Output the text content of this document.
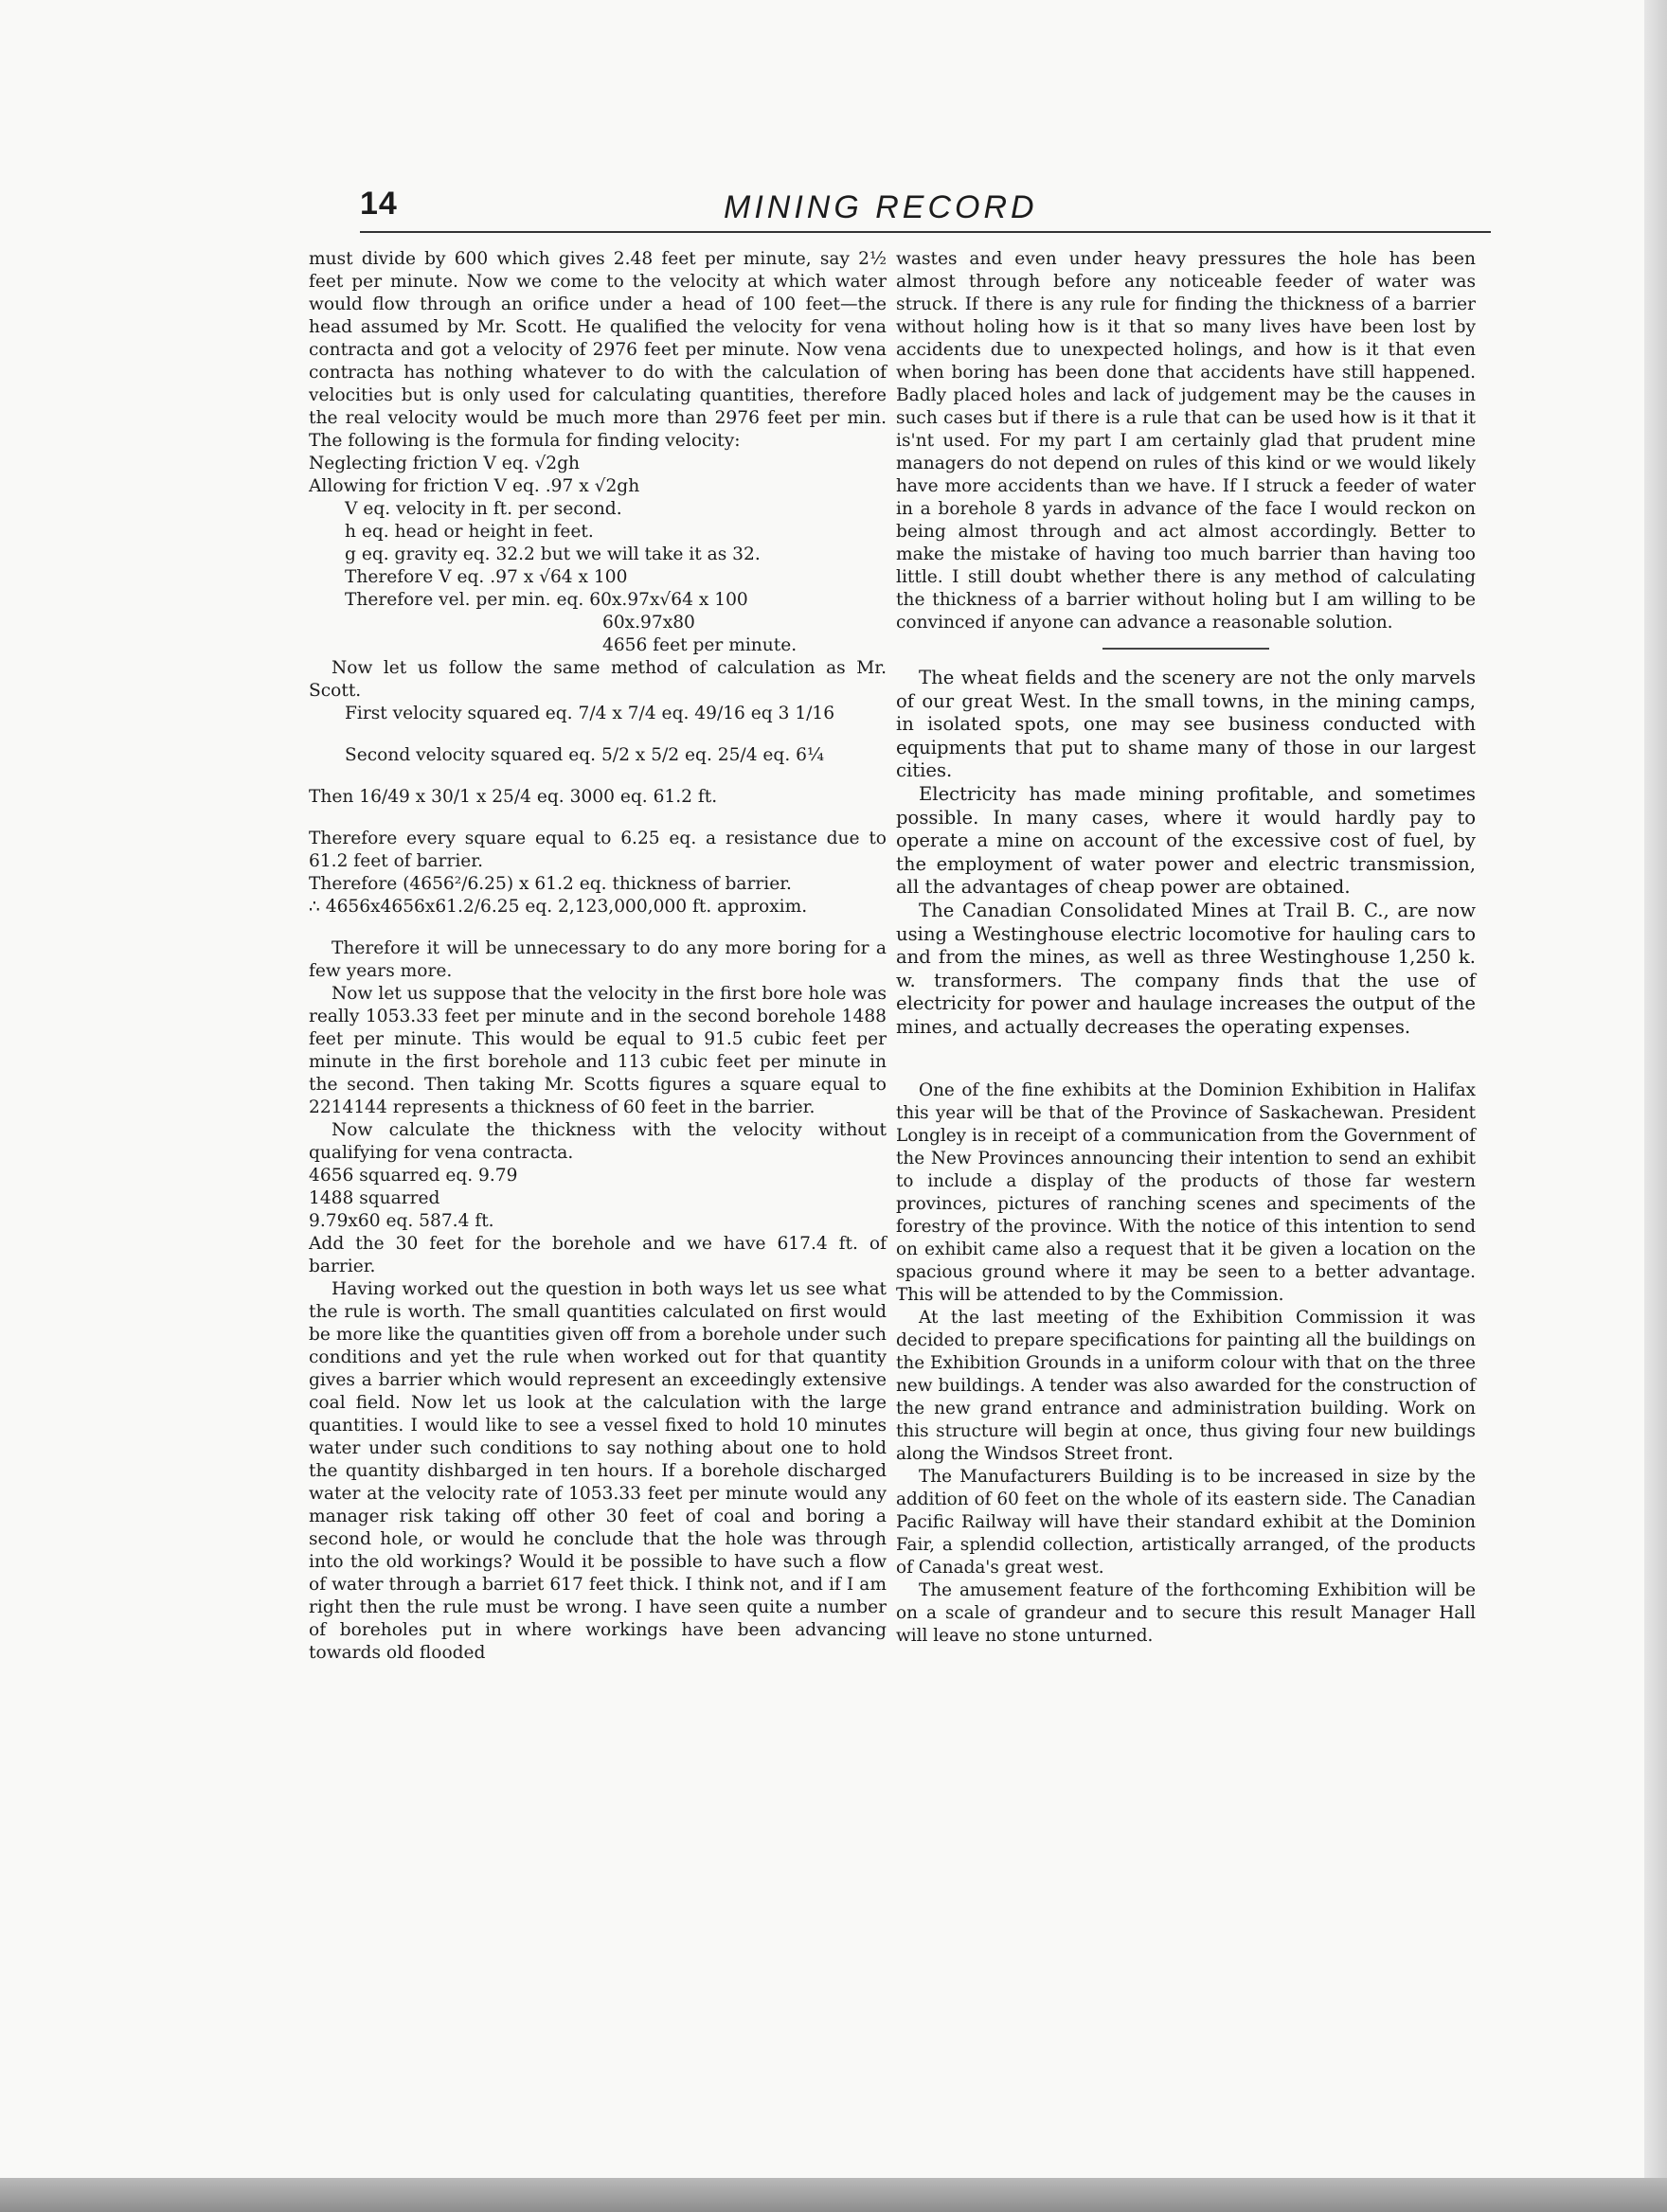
14	MINING RECORD

must divide by 600 which gives 2.48 feet per minute, say 2½ feet per minute. Now we come to the velocity at which water would flow through an orifice under a head of 100 feet—the head assumed by Mr. Scott. He qualified the velocity for vena contracta and got a velocity of 2976 feet per minute. Now vena contracta has nothing whatever to do with the calculation of velocities but is only used for calculating quantities, therefore the real velocity would be much more than 2976 feet per min. The following is the formula for finding velocity:

Neglecting friction V eq. √2gh

Allowing for friction V eq. .97 x √2gh

V eq. velocity in ft. per second.

h eq. head or height in feet.

g eq. gravity eq. 32.2 but we will take it as 32.

Therefore V eq. .97 x √64 x 100

Therefore vel. per min. eq. 60x.97x√64 x 100

60x.97x80

4656 feet per minute.

Now let us follow the same method of calculation as Mr. Scott.

First velocity squared eq. 7/4 x 7/4 eq. 49/16 eq 3 1/16

Second velocity squared eq. 5/2 x 5/2 eq. 25/4 eq. 6¼

Then 16/49 x 30/1 x 25/4 eq. 3000 eq. 61.2 ft.

Therefore every square equal to 6.25 eq. a resistance due to 61.2 feet of barrier.

Therefore (4656²/6.25) x 61.2 eq. thickness of barrier.

∴ 4656x4656x61.2/6.25 eq. 2,123,000,000 ft. approxim.

Therefore it will be unnecessary to do any more boring for a few years more.

Now let us suppose that the velocity in the first bore hole was really 1053.33 feet per minute and in the second borehole 1488 feet per minute. This would be equal to 91.5 cubic feet per minute in the first borehole and 113 cubic feet per minute in the second. Then taking Mr. Scotts figures a square equal to 2214144 represents a thickness of 60 feet in the barrier.

Now calculate the thickness with the velocity without qualifying for vena contracta.

4656 squarred eq. 9.79

1488 squarred

9.79x60 eq. 587.4 ft.

Add the 30 feet for the borehole and we have 617.4 ft. of barrier.

Having worked out the question in both ways let us see what the rule is worth. The small quantities calculated on first would be more like the quantities given off from a borehole under such conditions and yet the rule when worked out for that quantity gives a barrier which would represent an exceedingly extensive coal field. Now let us look at the calculation with the large quantities. I would like to see a vessel fixed to hold 10 minutes water under such conditions to say nothing about one to hold the quantity dishbarged in ten hours. If a borehole discharged water at the velocity rate of 1053.33 feet per minute would any manager risk taking off other 30 feet of coal and boring a second hole, or would he conclude that the hole was through into the old workings? Would it be possible to have such a flow of water through a barriet 617 feet thick. I think not, and if I am right then the rule must be wrong. I have seen quite a number of boreholes put in where workings have been advancing towards old flooded

wastes and even under heavy pressures the hole has been almost through before any noticeable feeder of water was struck. If there is any rule for finding the thickness of a barrier without holing how is it that so many lives have been lost by accidents due to unexpected holings, and how is it that even when boring has been done that accidents have still happened. Badly placed holes and lack of judgement may be the causes in such cases but if there is a rule that can be used how is it that it is'nt used. For my part I am certainly glad that prudent mine managers do not depend on rules of this kind or we would likely have more accidents than we have. If I struck a feeder of water in a borehole 8 yards in advance of the face I would reckon on being almost through and act almost accordingly. Better to make the mistake of having too much barrier than having too little. I still doubt whether there is any method of calculating the thickness of a barrier without holing but I am willing to be convinced if anyone can advance a reasonable solution.

The wheat fields and the scenery are not the only marvels of our great West. In the small towns, in the mining camps, in isolated spots, one may see business conducted with equipments that put to shame many of those in our largest cities.

Electricity has made mining profitable, and sometimes possible. In many cases, where it would hardly pay to operate a mine on account of the excessive cost of fuel, by the employment of water power and electric transmission, all the advantages of cheap power are obtained.

The Canadian Consolidated Mines at Trail B. C., are now using a Westinghouse electric locomotive for hauling cars to and from the mines, as well as three Westinghouse 1,250 k. w. transformers. The company finds that the use of electricity for power and haulage increases the output of the mines, and actually decreases the operating expenses.

One of the fine exhibits at the Dominion Exhibition in Halifax this year will be that of the Province of Saskachewan. President Longley is in receipt of a communication from the Government of the New Provinces announcing their intention to send an exhibit to include a display of the products of those far western provinces, pictures of ranching scenes and speciments of the forestry of the province. With the notice of this intention to send on exhibit came also a request that it be given a location on the spacious ground where it may be seen to a better advantage. This will be attended to by the Commission.

At the last meeting of the Exhibition Commission it was decided to prepare specifications for painting all the buildings on the Exhibition Grounds in a uniform colour with that on the three new buildings. A tender was also awarded for the construction of the new grand entrance and administration building. Work on this structure will begin at once, thus giving four new buildings along the Windsos Street front.

The Manufacturers Building is to be increased in size by the addition of 60 feet on the whole of its eastern side. The Canadian Pacific Railway will have their standard exhibit at the Dominion Fair, a splendid collection, artistically arranged, of the products of Canada's great west.

The amusement feature of the forthcoming Exhibition will be on a scale of grandeur and to secure this result Manager Hall will leave no stone unturned.
